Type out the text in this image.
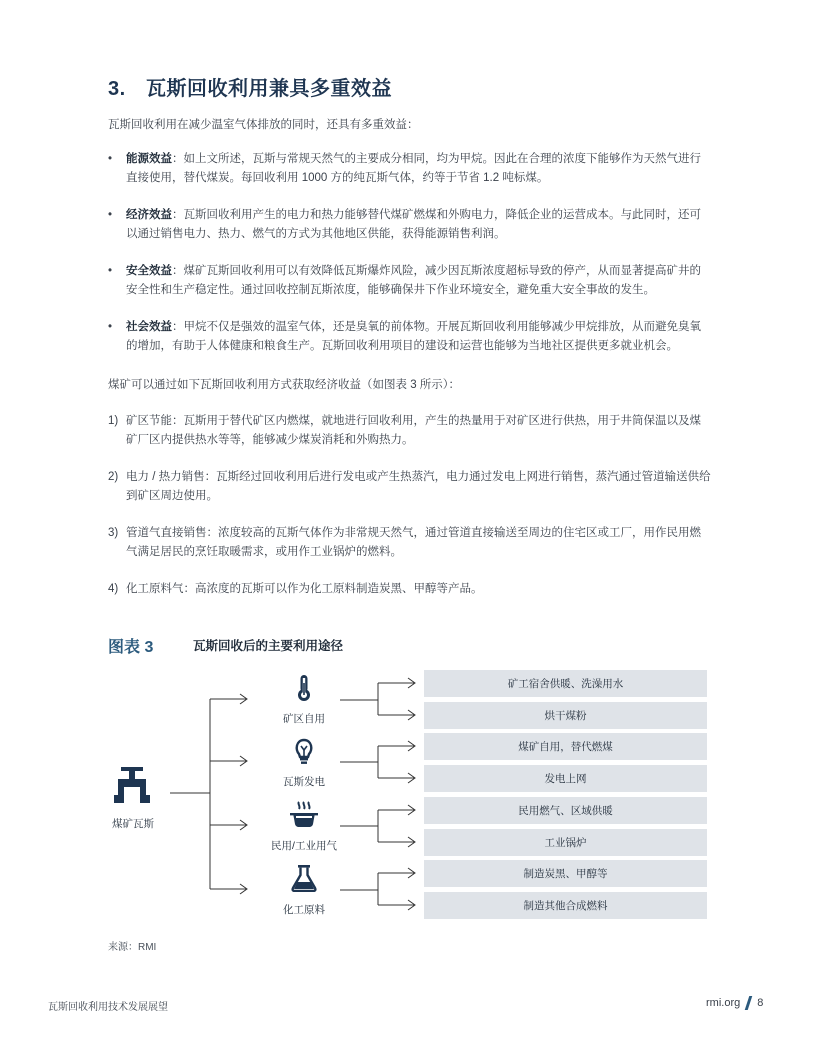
3. 瓦斯回收利用兼具多重效益

瓦斯回收利用在减少温室气体排放的同时，还具有多重效益：

• 能源效益：如上文所述，瓦斯与常规天然气的主要成分相同，均为甲烷。因此在合理的浓度下能够作为天然气进行直接使用，替代煤炭。每回收利用 1000 方的纯瓦斯气体，约等于节省 1.2 吨标煤。
• 经济效益：瓦斯回收利用产生的电力和热力能够替代煤矿燃煤和外购电力，降低企业的运营成本。与此同时，还可以通过销售电力、热力、燃气的方式为其他地区供能，获得能源销售利润。
• 安全效益：煤矿瓦斯回收利用可以有效降低瓦斯爆炸风险，减少因瓦斯浓度超标导致的停产，从而显著提高矿井的安全性和生产稳定性。通过回收控制瓦斯浓度，能够确保井下作业环境安全，避免重大安全事故的发生。
• 社会效益：甲烷不仅是强效的温室气体，还是臭氧的前体物。开展瓦斯回收利用能够减少甲烷排放，从而避免臭氧的增加，有助于人体健康和粮食生产。瓦斯回收利用项目的建设和运营也能够为当地社区提供更多就业机会。

煤矿可以通过如下瓦斯回收利用方式获取经济收益（如图表 3 所示）：

1) 矿区节能：瓦斯用于替代矿区内燃煤，就地进行回收利用，产生的热量用于对矿区进行供热，用于井筒保温以及煤矿厂区内提供热水等等，能够减少煤炭消耗和外购热力。
2) 电力 / 热力销售：瓦斯经过回收利用后进行发电或产生热蒸汽，电力通过发电上网进行销售，蒸汽通过管道输送供给到矿区周边使用。
3) 管道气直接销售：浓度较高的瓦斯气体作为非常规天然气，通过管道直接输送至周边的住宅区或工厂，用作民用燃气满足居民的烹饪取暖需求，或用作工业锅炉的燃料。
4) 化工原料气：高浓度的瓦斯可以作为化工原料制造炭黑、甲醇等产品。

图表 3	瓦斯回收后的主要利用途径

煤矿瓦斯
矿区自用
瓦斯发电
民用/工业用气
化工原料
矿工宿舍供暖、洗澡用水
烘干煤粉
煤矿自用，替代燃煤
发电上网
民用燃气、区域供暖
工业锅炉
制造炭黑、甲醇等
制造其他合成燃料

来源：RMI

瓦斯回收利用技术发展展望	rmi.org 8
